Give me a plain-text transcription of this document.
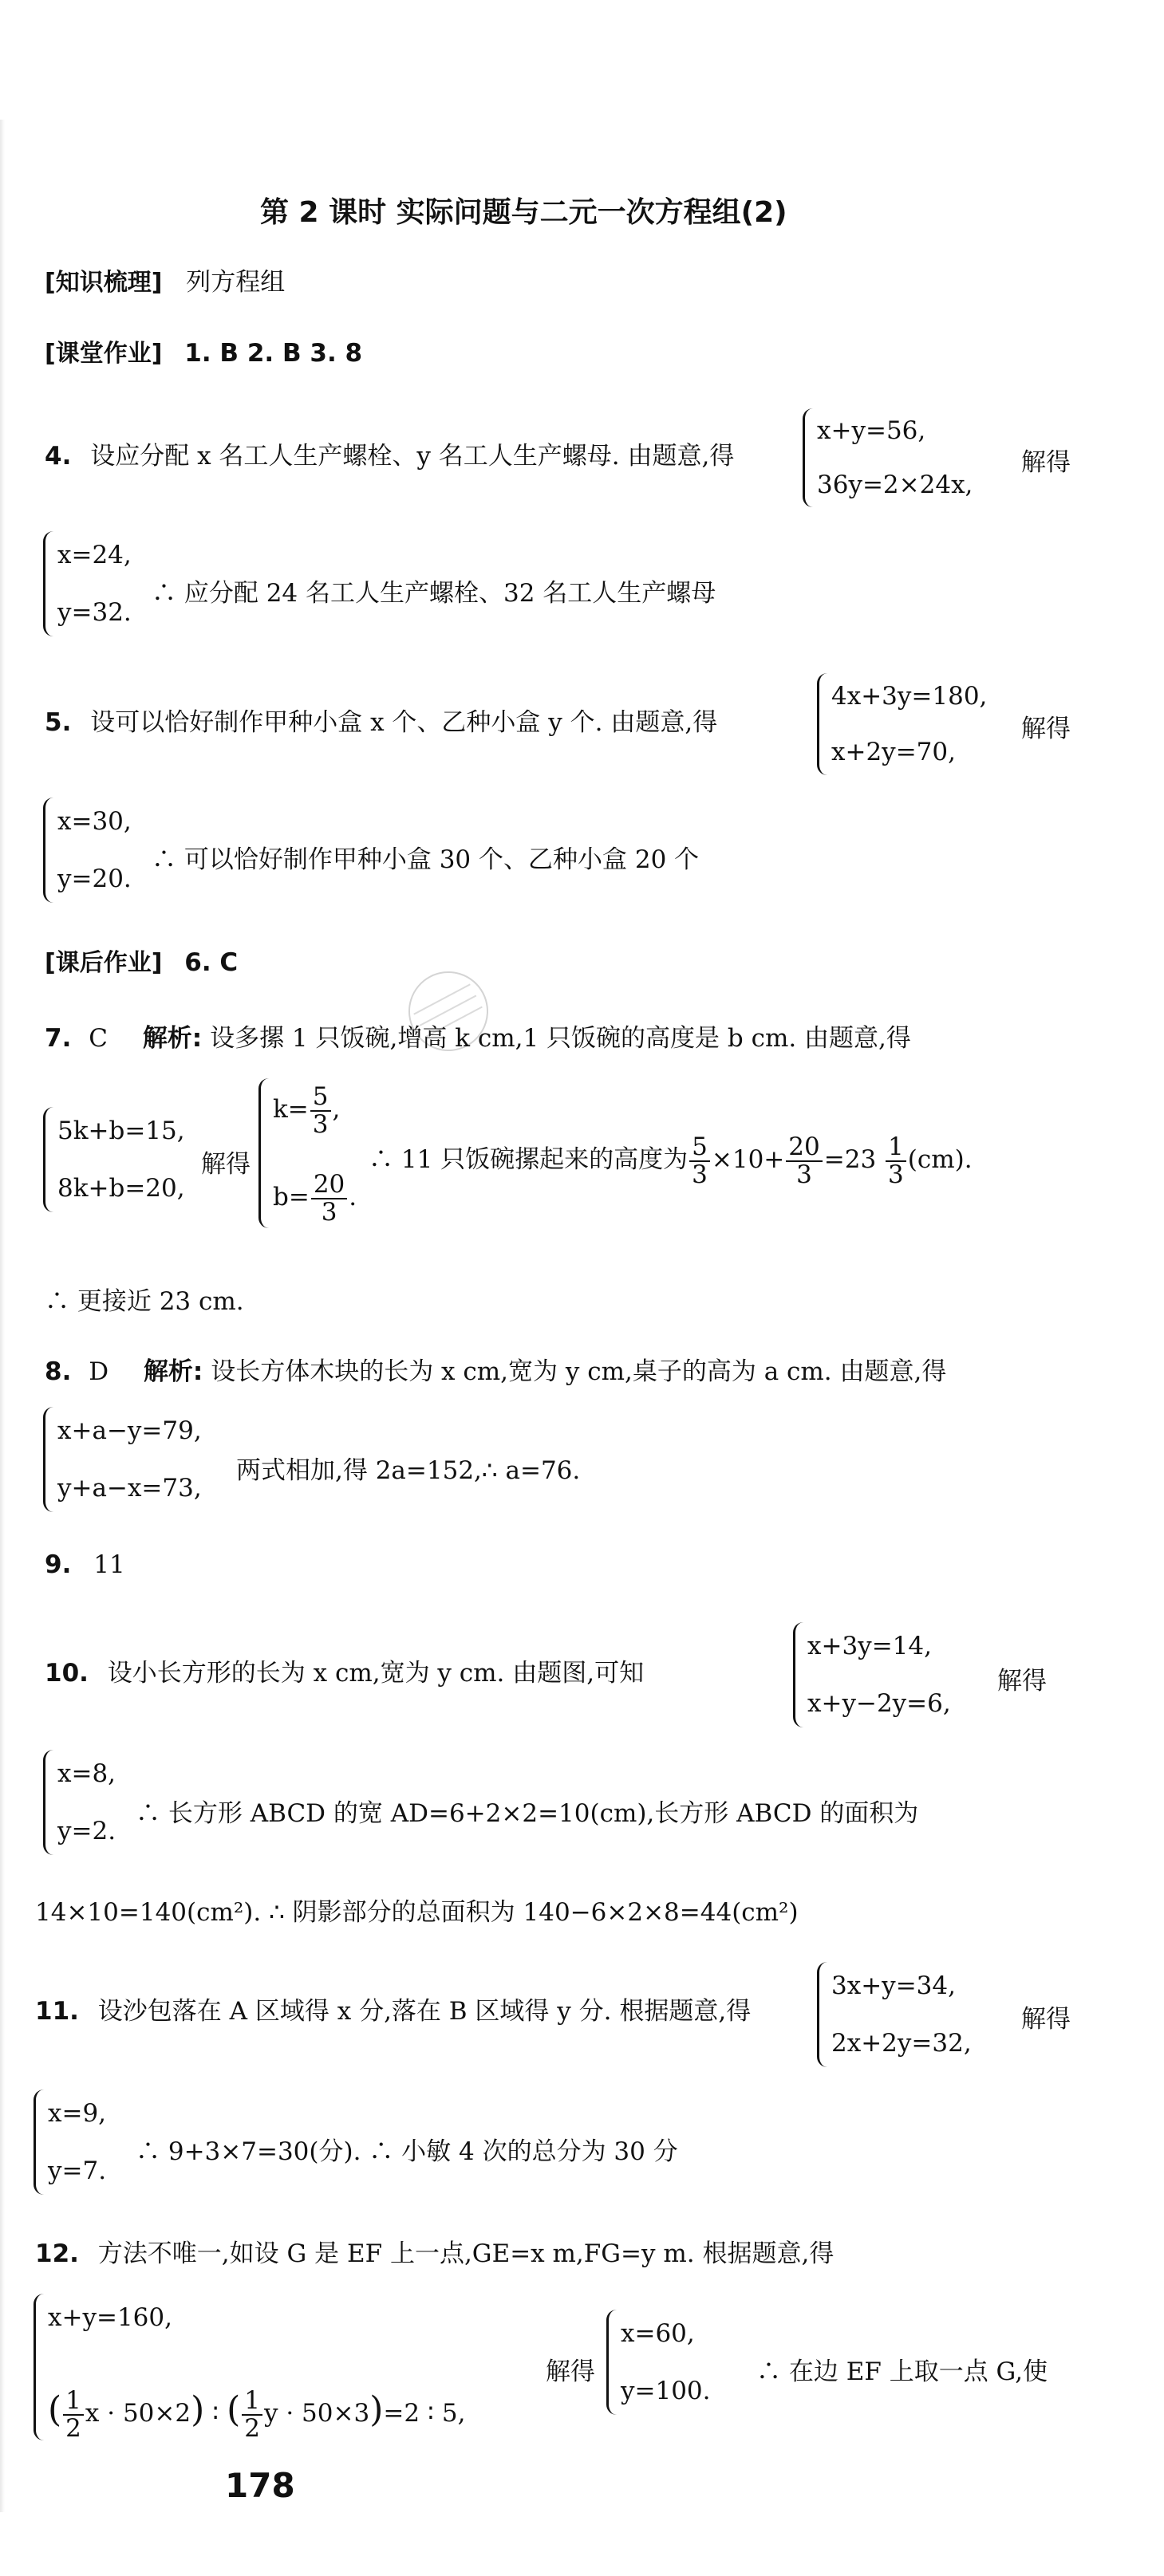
第 2 课时 实际问题与二元一次方程组(2)
[知识梳理] 列方程组
[课堂作业] 1. B 2. B 3. 8
4. 设应分配 x 名工人生产螺栓、y 名工人生产螺母. 由题意,得
x+y=56,
36y=2×24x,
解得
x=24,
y=32.
∴ 应分配 24 名工人生产螺栓、32 名工人生产螺母
5. 设可以恰好制作甲种小盒 x 个、乙种小盒 y 个. 由题意,得
4x+3y=180,
x+2y=70,
解得
x=30,
y=20.
∴ 可以恰好制作甲种小盒 30 个、乙种小盒 20 个
[课后作业] 6. C
7. C 解析: 设多摞 1 只饭碗,增高 k cm,1 只饭碗的高度是 b cm. 由题意,得
5k+b=15,
8k+b=20,
解得
$k= \frac{5}{3}$ ,
$b= \frac{20}{3}$ .
∴ 11 只饭碗摞起来的高度为 $\frac{5}{3} \times 10+ \frac{20}{3} =23 \frac{1}{3} (cm)$.
∴ 更接近 23 cm.
8. D 解析: 设长方体木块的长为 x cm,宽为 y cm,桌子的高为 a cm. 由题意,得
x+a−y=79,
y+a−x=73,
两式相加,得 2a=152,∴ a=76.
9. 11
10. 设小长方形的长为 x cm,宽为 y cm. 由题图,可知
x+3y=14,
x+y−2y=6,
解得
x=8,
y=2.
∴ 长方形 ABCD 的宽 AD=6+2×2=10(cm),长方形 ABCD 的面积为
14×10=140(cm²). ∴ 阴影部分的总面积为 140−6×2×8=44(cm²)
11. 设沙包落在 A 区域得 x 分,落在 B 区域得 y 分. 根据题意,得
3x+y=34,
2x+2y=32,
解得
x=9,
y=7.
∴ 9+3×7=30(分). ∴ 小敏 4 次的总分为 30 分
12. 方法不唯一,如设 G 是 EF 上一点,GE=x m,FG=y m. 根据题意,得
x+y=160,
( $\frac{1}{2}$ x · 50×2) ∶ ( $\frac{1}{2}$ y · 50×3)=2 ∶ 5,
解得
x=60,
y=100.
∴ 在边 EF 上取一点 G,使
178
